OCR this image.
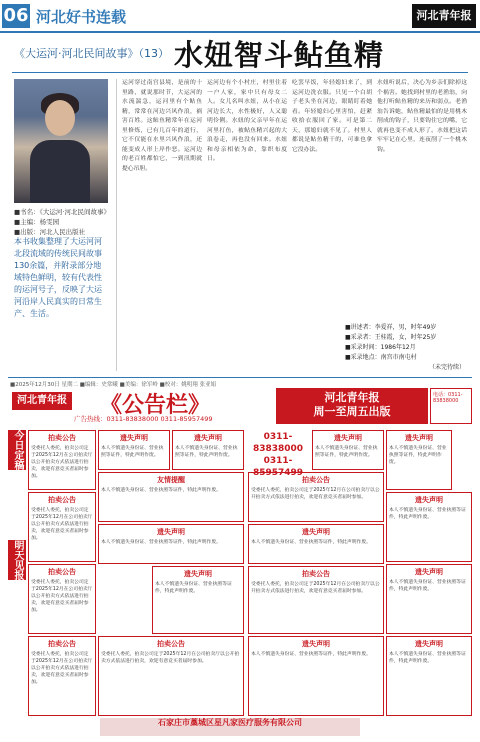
06 河北好书连载	河北青年报
《大运河·河北民间故事》（13） 水妞智斗鲇鱼精
■书名：《大运河·河北民间故事》
■主编：杨雯园
■出版：河北人民出版社
本书收集整理了大运河河北段流域的传统民间故事130余篇，并附录部分地域特色鲜明，较有代表性的运河号子，反映了大运河沿岸人民真实的日常生产、生活。
运河穿过南宫县境，是前的十里路，就说那时节，大运河的水流湍急，运河里有个鲇鱼精，常常在河边兴风作浪，祸害百姓。这鲇鱼精常年在运河里修炼，已有几百年的道行，它不仅能在水里兴风作浪，还能变成人形上岸作恶。运河边的老百姓都怕它，一到汛期就提心吊胆。
运河边有个小村庄，村里住着一户人家，家中只有母女二人。女儿名叫水妞，从小在运河边长大，水性极好，人又聪明伶俐。水妞的父亲早年在运河里打鱼，被鲇鱼精兴起的大浪卷走，再也没有回来。水妞和母亲相依为命，靠织布度日。
吃罢早饭，年轻媳妇来了，到运河边洗衣服。只见一个白胡子老头坐在河边，眼睛盯着她看。年轻媳妇心里害怕，赶紧收拾衣服回了家。可是第二天，那媳妇就不见了。村里人都说是鲇鱼精干的，可谁也拿它没办法。
水妞听说后，决心为乡亲们除掉这个祸害。她找到村里的老渔翁，向他打听鲇鱼精的来历和弱点。老渔翁告诉她，鲇鱼精最怕的是用桃木削成的钩子，只要钩住它的嘴，它就再也变不成人形了。水妞把这话牢牢记在心里，连夜削了一个桃木钩。
■讲述者：李爱祥，男，时年49岁
■采录者：王桂霞，女，时年25岁
■采录时间：1986年12月
■采录地点：南宫市南屯村
（未完待续）
■2025年12月30日 星期二 ■编辑：史常曦 ■美编：徐军岭 ■校对：姚明翔 张亚娟
河北青年报 《公告栏》
广告热线：0311-83838000 0311-85957499
河北青年报
周一至周五出版
电话：0311-83838000
今日定稿
明天见报
拍卖公告
受委托人委托，拍卖公司定于2025年12月在公司拍卖厅以公开拍卖方式依法进行拍卖，欢迎有意竞买者届时参加。
遗失声明
本人不慎遗失身份证、营业执照等证件，特此声明作废。
遗失声明
本人不慎遗失身份证、营业执照等证件，特此声明作废。
0311-83838000
0311-85957499
遗失声明
本人不慎遗失身份证、营业执照等证件，特此声明作废。
遗失声明
本人不慎遗失身份证、营业执照等证件，特此声明作废。
友情提醒
本人不慎遗失身份证、营业执照等证件，特此声明作废。
拍卖公告
受委托人委托，拍卖公司定于2025年12月在公司拍卖厅以公开拍卖方式依法进行拍卖，欢迎有意竞买者届时参加。
拍卖公告
受委托人委托，拍卖公司定于2025年12月在公司拍卖厅以公开拍卖方式依法进行拍卖，欢迎有意竞买者届时参加。
遗失声明
本人不慎遗失身份证、营业执照等证件，特此声明作废。
遗失声明
本人不慎遗失身份证、营业执照等证件，特此声明作废。
遗失声明
本人不慎遗失身份证、营业执照等证件，特此声明作废。
拍卖公告
受委托人委托，拍卖公司定于2025年12月在公司拍卖厅以公开拍卖方式依法进行拍卖，欢迎有意竞买者届时参加。
遗失声明
本人不慎遗失身份证、营业执照等证件，特此声明作废。
拍卖公告
受委托人委托，拍卖公司定于2025年12月在公司拍卖厅以公开拍卖方式依法进行拍卖，欢迎有意竞买者届时参加。
遗失声明
本人不慎遗失身份证、营业执照等证件，特此声明作废。
拍卖公告
受委托人委托，拍卖公司定于2025年12月在公司拍卖厅以公开拍卖方式依法进行拍卖，欢迎有意竞买者届时参加。
拍卖公告
受委托人委托，拍卖公司定于2025年12月在公司拍卖厅以公开拍卖方式依法进行拍卖，欢迎有意竞买者届时参加。
遗失声明
本人不慎遗失身份证、营业执照等证件，特此声明作废。
遗失声明
本人不慎遗失身份证、营业执照等证件，特此声明作废。
石家庄市藁城区星凡家医疗服务有限公司
